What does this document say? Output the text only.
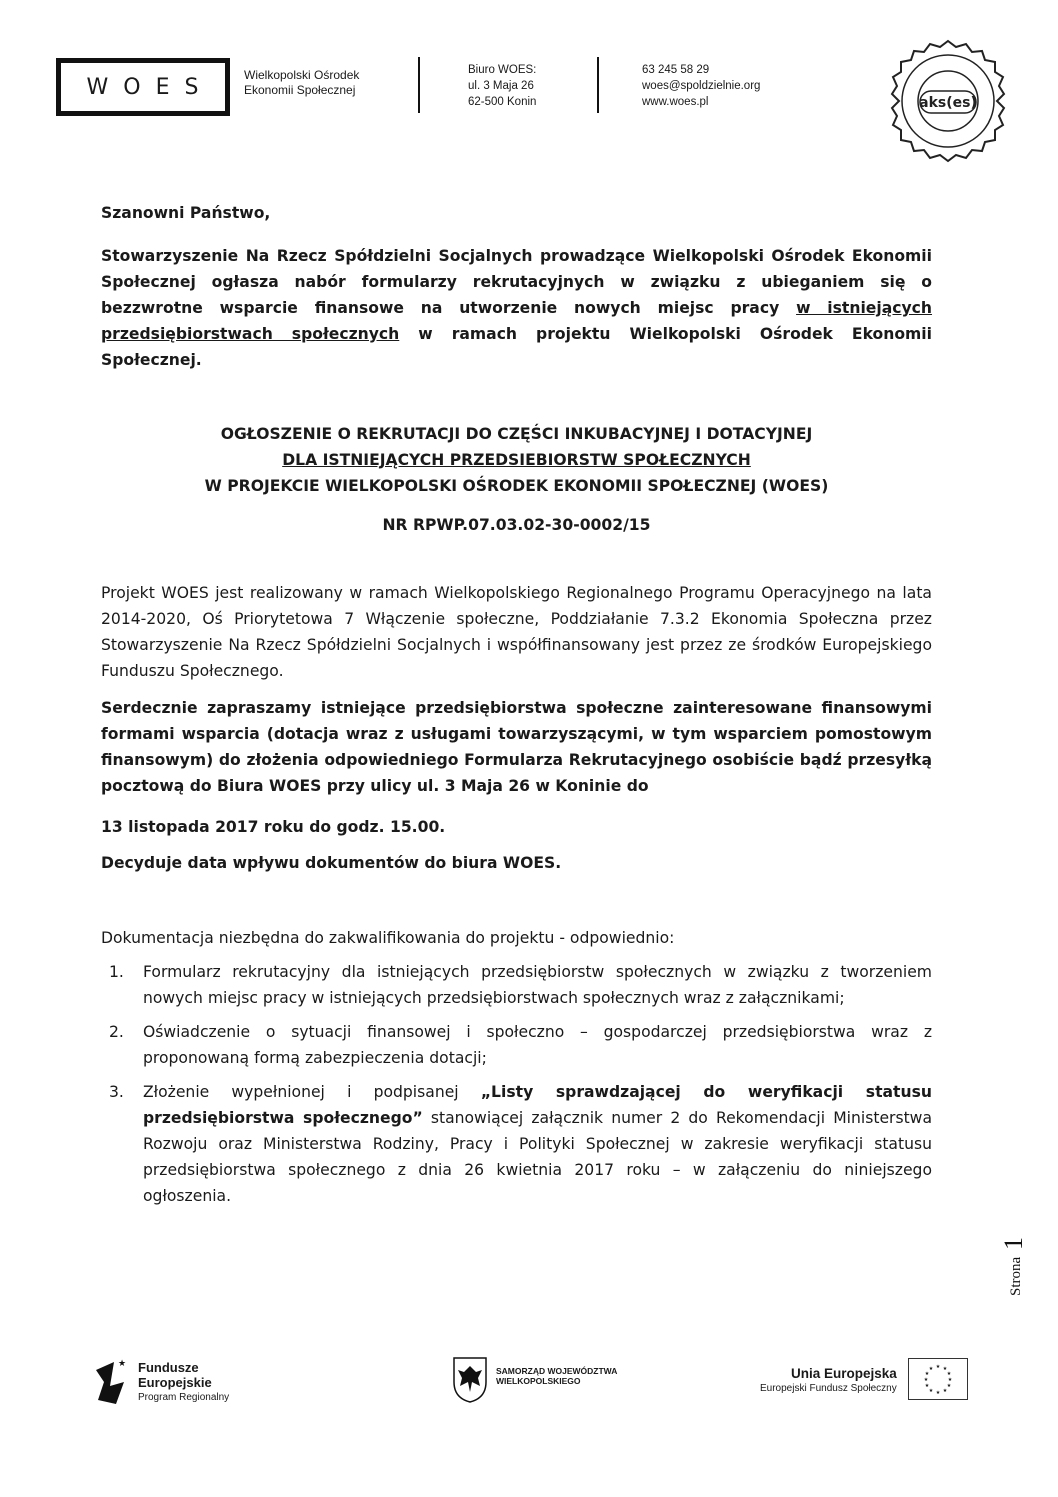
WOES	Wielkopolski Ośrodek
Ekonomii Społecznej
Biuro WOES:
ul. 3 Maja 26
62-500 Konin
63 245 58 29
woes@spoldzielnie.org
www.woes.pl	aks(es)
Szanowni Państwo,
Stowarzyszenie Na Rzecz Spółdzielni Socjalnych prowadzące Wielkopolski Ośrodek Ekonomii Społecznej ogłasza nabór formularzy rekrutacyjnych w związku z ubieganiem się o bezzwrotne wsparcie finansowe na utworzenie nowych miejsc pracy w istniejących przedsiębiorstwach społecznych w ramach projektu Wielkopolski Ośrodek Ekonomii Społecznej.
OGŁOSZENIE O REKRUTACJI DO CZĘŚCI INKUBACYJNEJ I DOTACYJNEJ
DLA ISTNIEJĄCYCH PRZEDSIEBIORSTW SPOŁECZNYCH
W PROJEKCIE WIELKOPOLSKI OŚRODEK EKONOMII SPOŁECZNEJ (WOES)
NR RPWP.07.03.02-30-0002/15
Projekt WOES jest realizowany w ramach Wielkopolskiego Regionalnego Programu Operacyjnego na lata 2014-2020, Oś Priorytetowa 7 Włączenie społeczne, Poddziałanie 7.3.2 Ekonomia Społeczna przez Stowarzyszenie Na Rzecz Spółdzielni Socjalnych i współfinansowany jest przez ze środków Europejskiego Funduszu Społecznego.
Serdecznie zapraszamy istniejące przedsiębiorstwa społeczne zainteresowane finansowymi formami wsparcia (dotacja wraz z usługami towarzyszącymi, w tym wsparciem pomostowym finansowym) do złożenia odpowiedniego Formularza Rekrutacyjnego osobiście bądź przesyłką pocztową do Biura WOES przy ulicy ul. 3 Maja 26 w Koninie do
13 listopada 2017 roku do godz. 15.00.
Decyduje data wpływu dokumentów do biura WOES.
Dokumentacja niezbędna do zakwalifikowania do projektu - odpowiednio:
1. Formularz rekrutacyjny dla istniejących przedsiębiorstw społecznych w związku z tworzeniem nowych miejsc pracy w istniejących przedsiębiorstwach społecznych wraz z załącznikami;
2. Oświadczenie o sytuacji finansowej i społeczno – gospodarczej przedsiębiorstwa wraz z proponowaną formą zabezpieczenia dotacji;
3. Złożenie wypełnionej i podpisanej „Listy sprawdzającej do weryfikacji statusu przedsiębiorstwa społecznego” stanowiącej załącznik numer 2 do Rekomendacji Ministerstwa Rozwoju oraz Ministerstwa Rodziny, Pracy i Polityki Społecznej w zakresie weryfikacji statusu przedsiębiorstwa społecznego z dnia 26 kwietnia 2017 roku – w załączeniu do niniejszego ogłoszenia.
Strona
1
★ Fundusze
Europejskie
Program Regionalny
SAMORZĄD WOJEWÓDZTWA
WIELKOPOLSKIEGO	Unia Europejska
Europejski Fundusz Społeczny
★ ★
★
★
★
★
★
★
★
★
★
★
